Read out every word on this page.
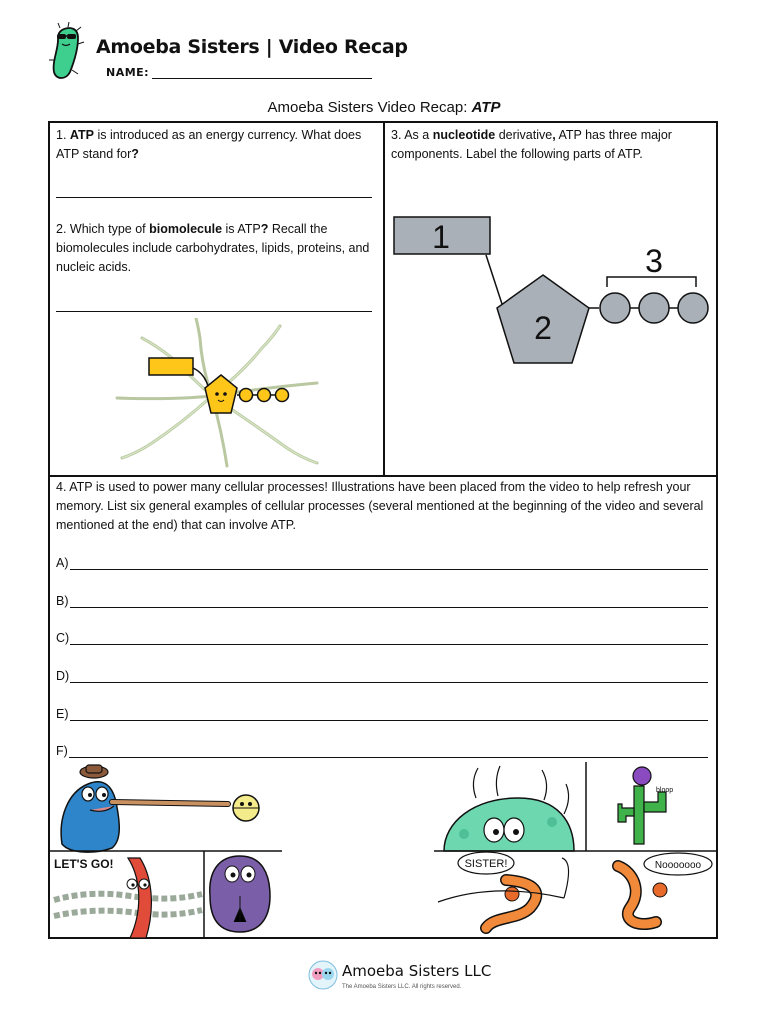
Amoeba Sisters | Video Recap
NAME:
Amoeba Sisters Video Recap: ATP
1. ATP is introduced as an energy currency. What does ATP stand for?
2. Which type of biomolecule is ATP? Recall the biomolecules include carbohydrates, lipids, proteins, and nucleic acids.
3. As a nucleotide derivative, ATP has three major components. Label the following parts of ATP.
1
2
3
4. ATP is used to power many cellular processes! Illustrations have been placed from the video to help refresh your memory. List six general examples of cellular processes (several mentioned at the beginning of the video and several mentioned at the end) that can involve ATP.
A)
B)
C)
D)
E)
F)
LET'S GO!
bloop
SISTER!	Nooooooo
Amoeba Sisters LLC
The Amoeba Sisters LLC. All rights reserved.
